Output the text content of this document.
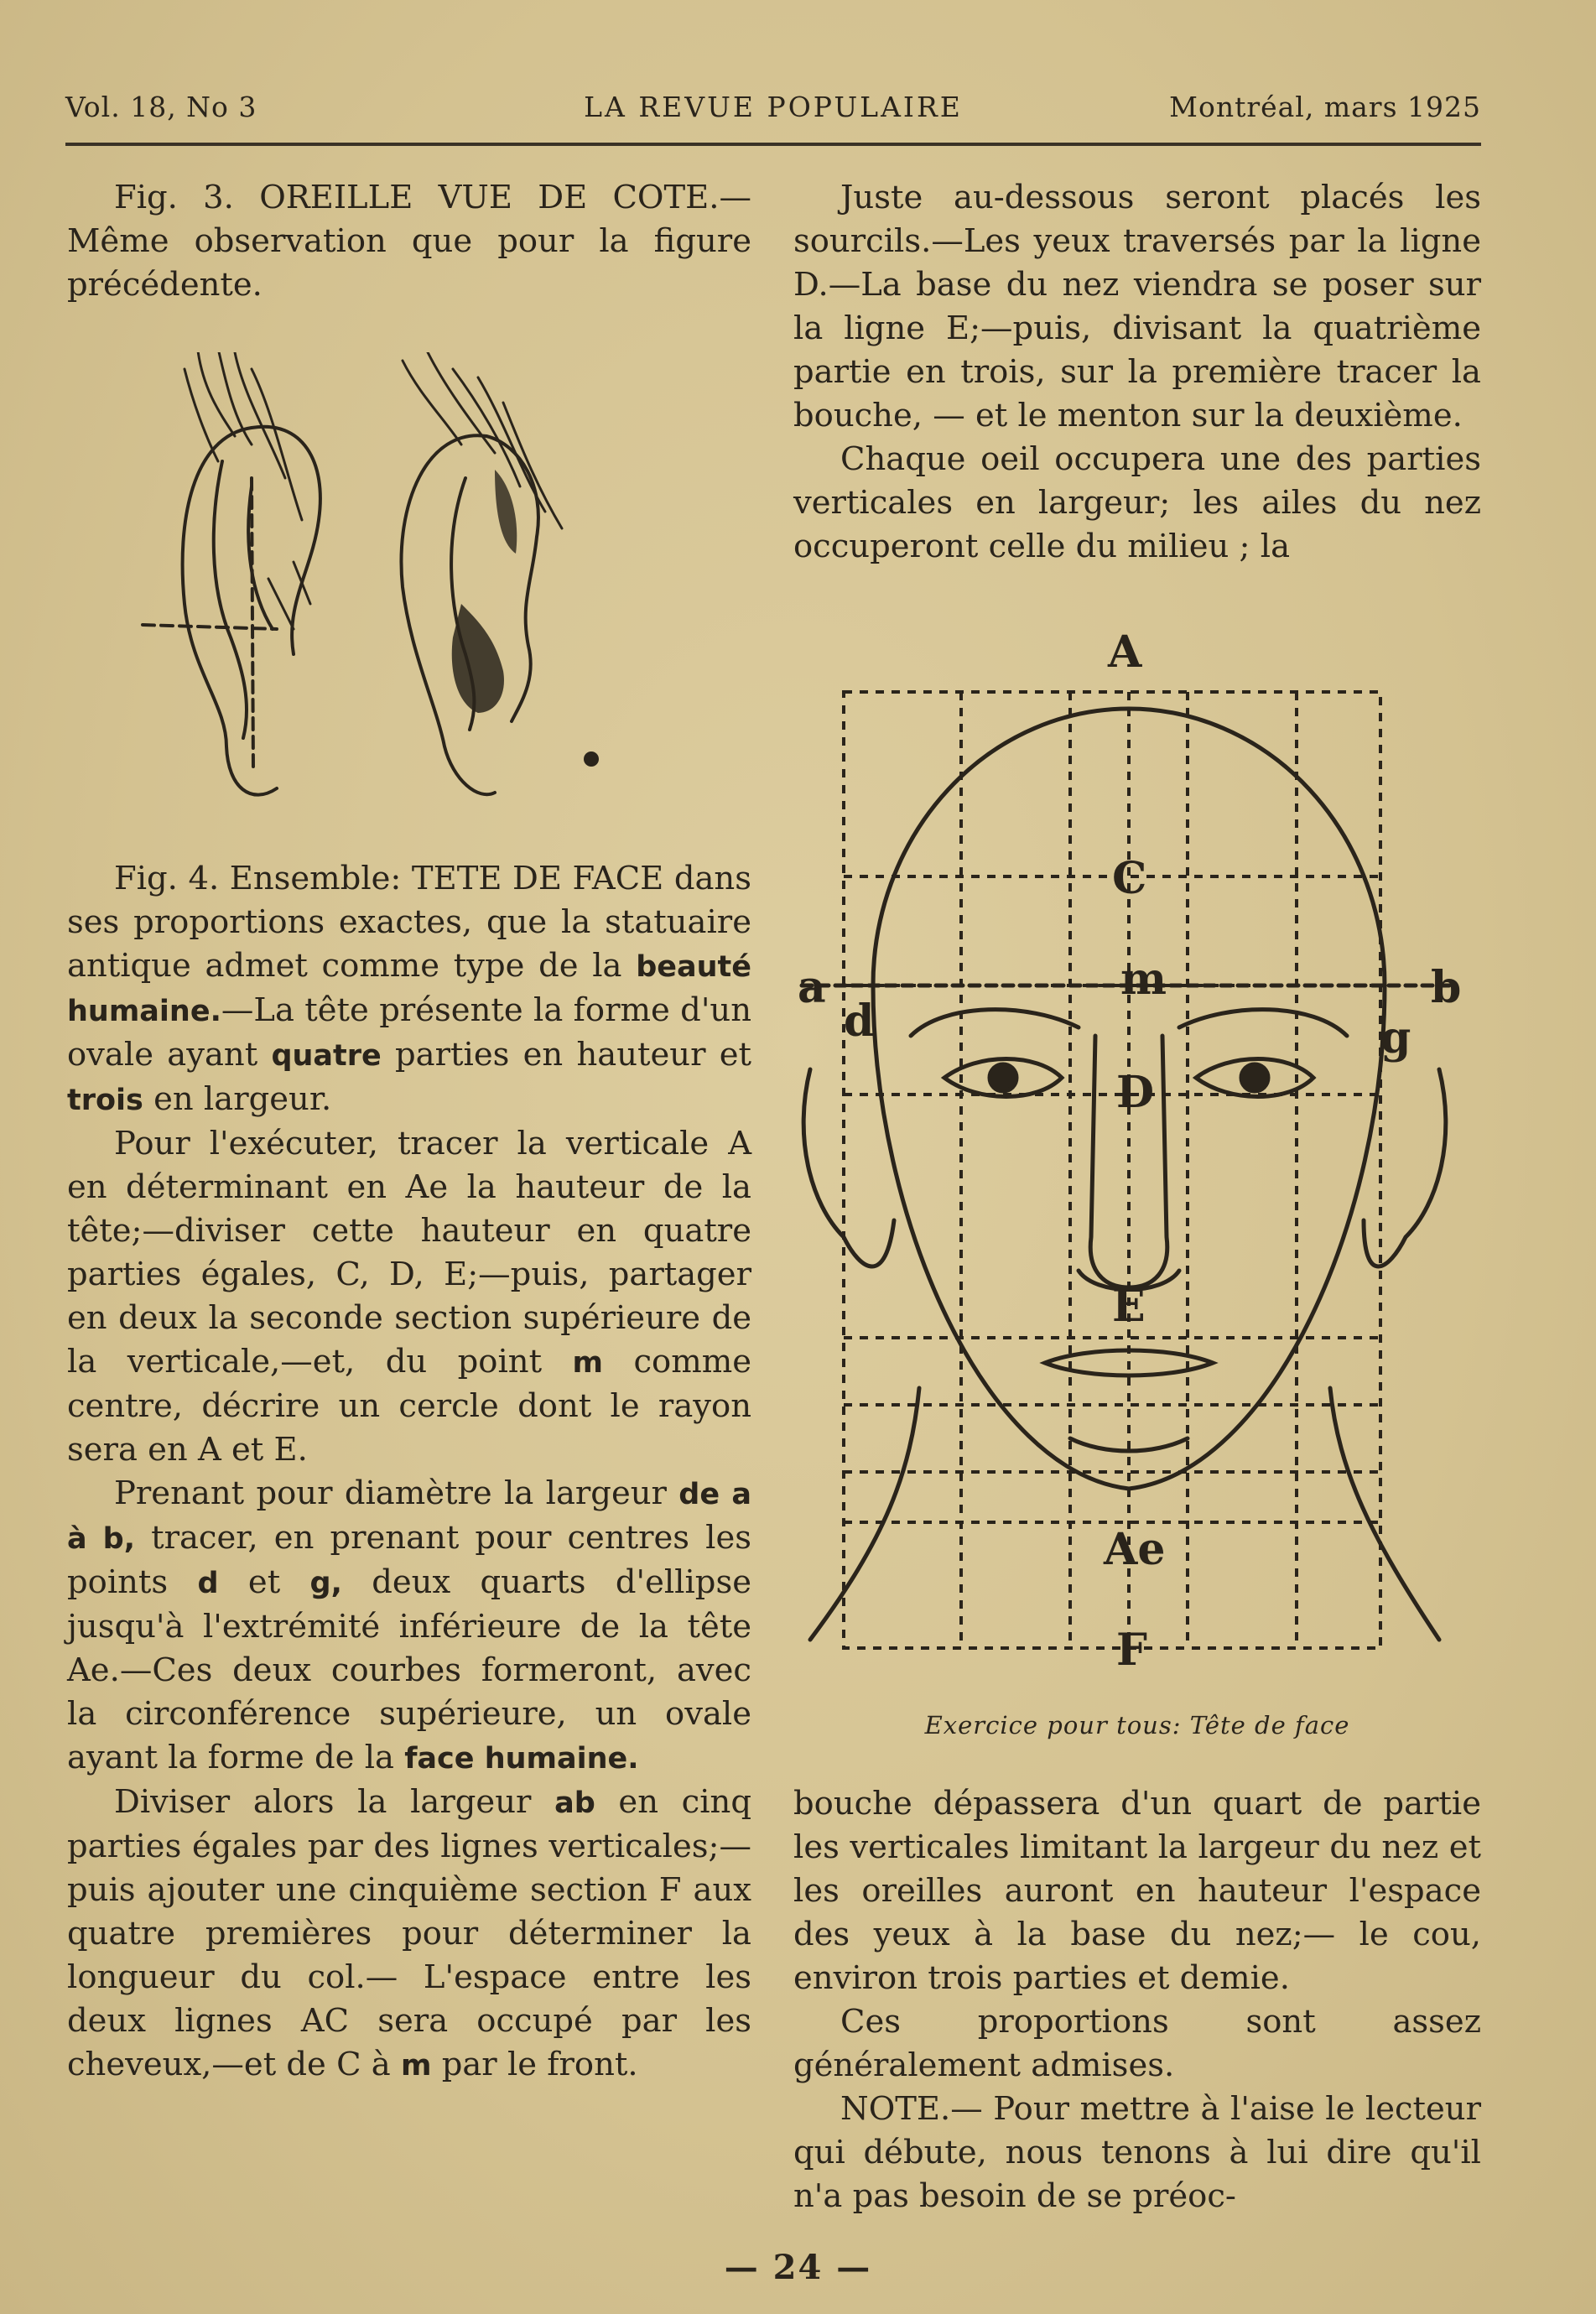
Vol. 18, No 3	LA REVUE POPULAIRE	Montréal, mars 1925

Fig. 3. OREILLE VUE DE COTE.— Même observation que pour la figure précédente.

Fig. 4. Ensemble: TETE DE FACE dans ses proportions exactes, que la statuaire antique admet comme type de la beauté humaine.—La tête présente la forme d'un ovale ayant quatre parties en hauteur et trois en largeur.

Pour l'exécuter, tracer la verticale A en déterminant en Ae la hauteur de la tête;—diviser cette hauteur en quatre parties égales, C, D, E;—puis, partager en deux la seconde section supérieure de la verticale,—et, du point m comme centre, décrire un cercle dont le rayon sera en A et E.

Prenant pour diamètre la largeur de a à b, tracer, en prenant pour centres les points d et g, deux quarts d'ellipse jusqu'à l'extrémité inférieure de la tête Ae.—Ces deux courbes formeront, avec la circonférence supérieure, un ovale ayant la forme de la face humaine.

Diviser alors la largeur ab en cinq parties égales par des lignes verticales;—puis ajouter une cinquième section F aux quatre premières pour déterminer la longueur du col.— L'espace entre les deux lignes AC sera occupé par les cheveux,—et de C à m par le front.

Juste au-dessous seront placés les sourcils.—Les yeux traversés par la ligne D.—La base du nez viendra se poser sur la ligne E;—puis, divisant la quatrième partie en trois, sur la première tracer la bouche, — et le menton sur la deuxième.

Chaque oeil occupera une des parties verticales en largeur; les ailes du nez occuperont celle du milieu ; la

A
a	b
C
m
d	g
D
E
Ae
F
Exercice pour tous: Tête de face

bouche dépassera d'un quart de partie les verticales limitant la largeur du nez et les oreilles auront en hauteur l'espace des yeux à la base du nez;— le cou, environ trois parties et demie.

Ces proportions sont assez généralement admises.

NOTE.— Pour mettre à l'aise le lecteur qui débute, nous tenons à lui dire qu'il n'a pas besoin de se préoc-

— 24 —
